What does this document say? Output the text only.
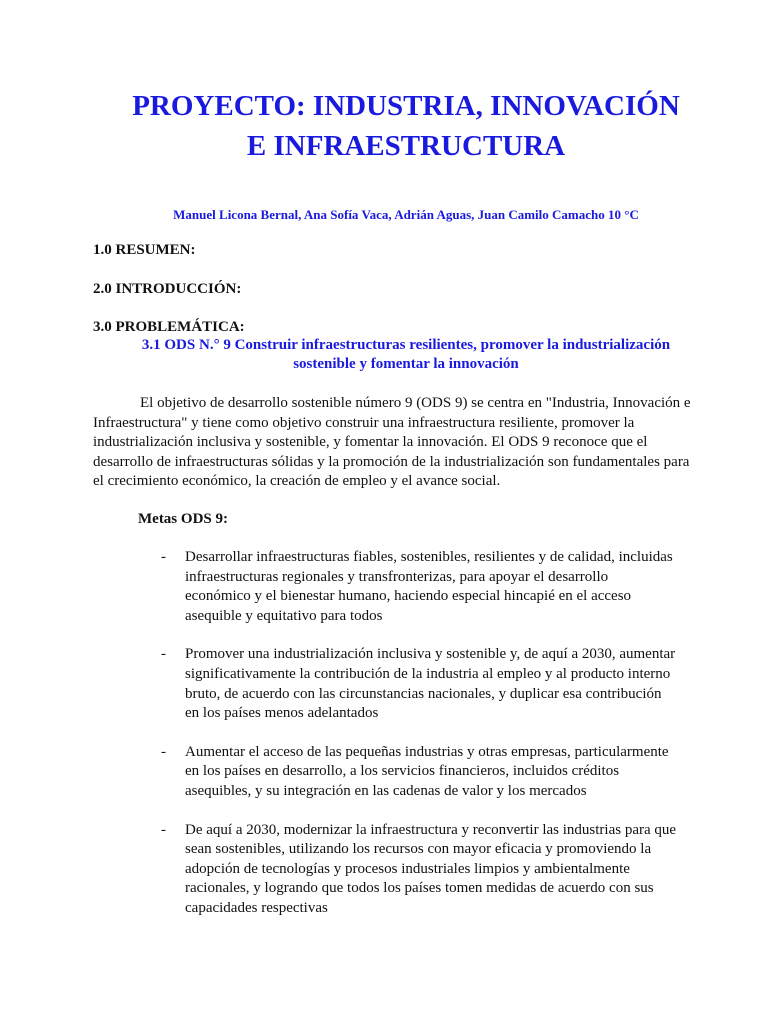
PROYECTO: INDUSTRIA, INNOVACIÓN E INFRAESTRUCTURA
Manuel Licona Bernal, Ana Sofía Vaca, Adrián Aguas, Juan Camilo Camacho 10 °C
1.0 RESUMEN:
2.0 INTRODUCCIÓN:
3.0 PROBLEMÁTICA:
3.1 ODS N.° 9 Construir infraestructuras resilientes, promover la industrialización sostenible y fomentar la innovación

El objetivo de desarrollo sostenible número 9 (ODS 9) se centra en "Industria, Innovación e Infraestructura" y tiene como objetivo construir una infraestructura resiliente, promover la industrialización inclusiva y sostenible, y fomentar la innovación. El ODS 9 reconoce que el desarrollo de infraestructuras sólidas y la promoción de la industrialización son fundamentales para el crecimiento económico, la creación de empleo y el avance social.

Metas ODS 9:
- Desarrollar infraestructuras fiables, sostenibles, resilientes y de calidad, incluidas infraestructuras regionales y transfronterizas, para apoyar el desarrollo económico y el bienestar humano, haciendo especial hincapié en el acceso asequible y equitativo para todos
- Promover una industrialización inclusiva y sostenible y, de aquí a 2030, aumentar significativamente la contribución de la industria al empleo y al producto interno bruto, de acuerdo con las circunstancias nacionales, y duplicar esa contribución en los países menos adelantados
- Aumentar el acceso de las pequeñas industrias y otras empresas, particularmente en los países en desarrollo, a los servicios financieros, incluidos créditos asequibles, y su integración en las cadenas de valor y los mercados
- De aquí a 2030, modernizar la infraestructura y reconvertir las industrias para que sean sostenibles, utilizando los recursos con mayor eficacia y promoviendo la adopción de tecnologías y procesos industriales limpios y ambientalmente racionales, y logrando que todos los países tomen medidas de acuerdo con sus capacidades respectivas
